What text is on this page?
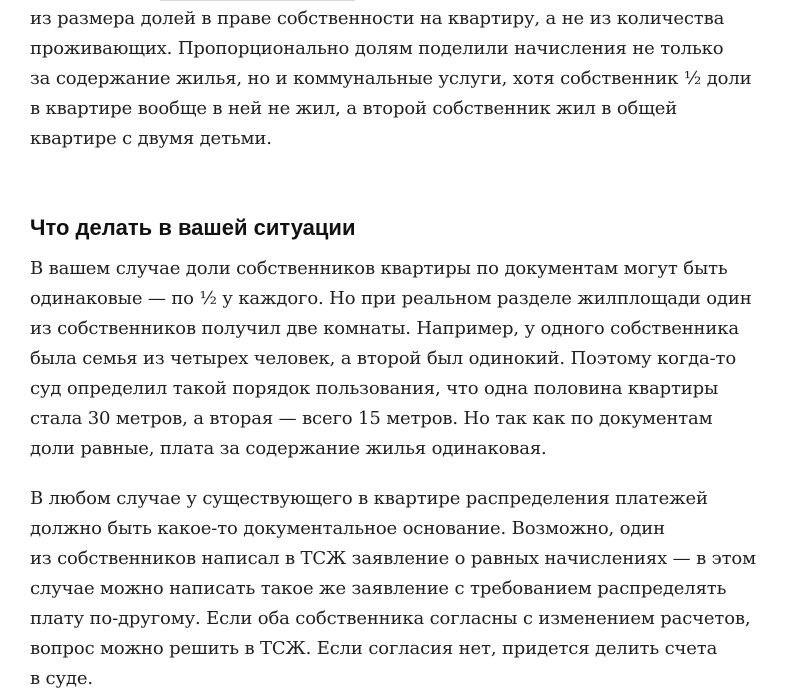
из размера долей в праве собственности на квартиру, а не из количества
проживающих. Пропорционально долям поделили начисления не только
за содержание жилья, но и коммунальные услуги, хотя собственник ½ доли
в квартире вообще в ней не жил, а второй собственник жил в общей
квартире с двумя детьми.

Что делать в вашей ситуации

В вашем случае доли собственников квартиры по документам могут быть
одинаковые — по ½ у каждого. Но при реальном разделе жилплощади один
из собственников получил две комнаты. Например, у одного собственника
была семья из четырех человек, а второй был одинокий. Поэтому когда-то
суд определил такой порядок пользования, что одна половина квартиры
стала 30 метров, а вторая — всего 15 метров. Но так как по документам
доли равные, плата за содержание жилья одинаковая.

В любом случае у существующего в квартире распределения платежей
должно быть какое-то документальное основание. Возможно, один
из собственников написал в ТСЖ заявление о равных начислениях — в этом
случае можно написать такое же заявление с требованием распределять
плату по-другому. Если оба собственника согласны с изменением расчетов,
вопрос можно решить в ТСЖ. Если согласия нет, придется делить счета
в суде.
